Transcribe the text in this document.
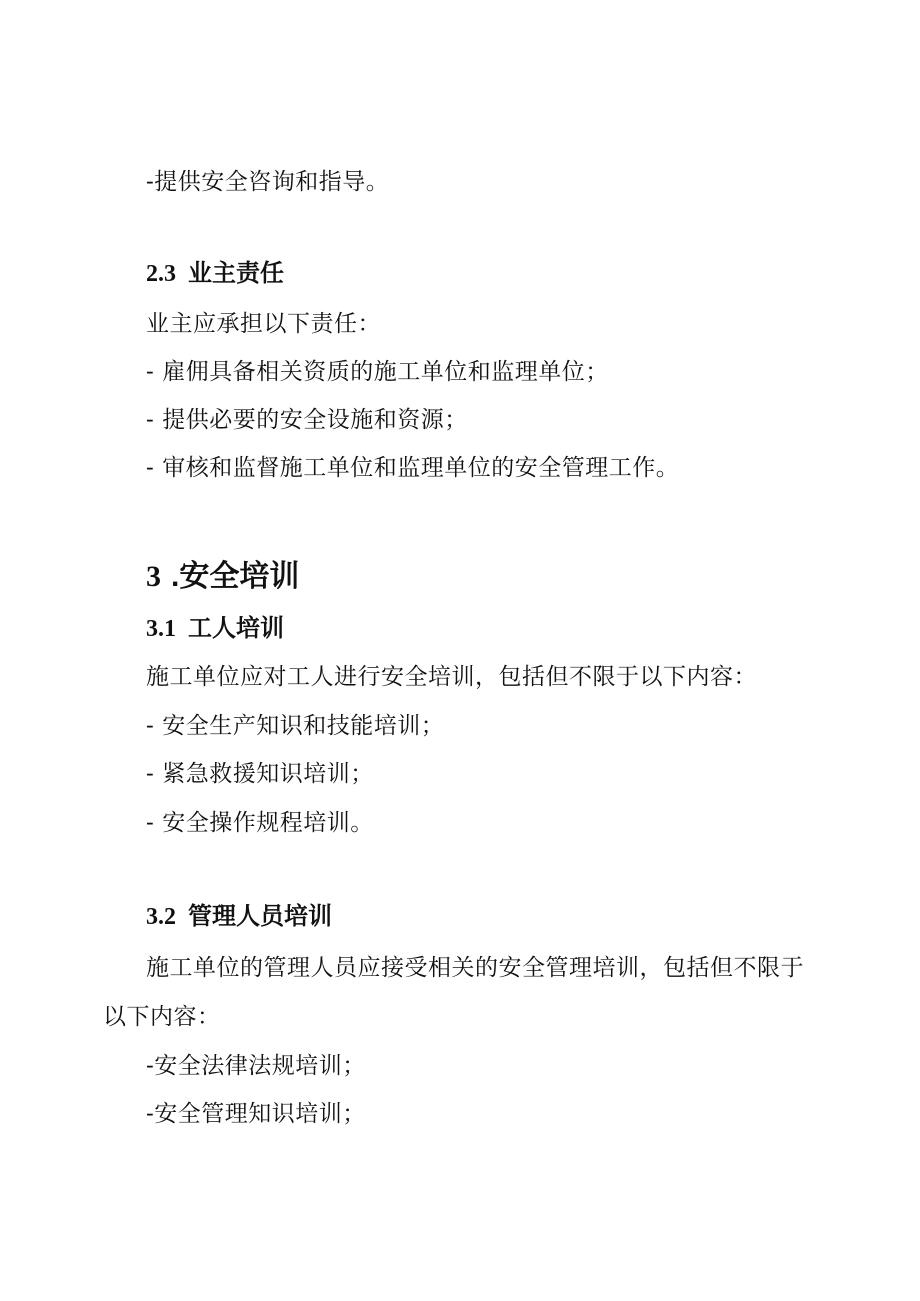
-提供安全咨询和指导。
2.3 业主责任
业主应承担以下责任：
- 雇佣具备相关资质的施工单位和监理单位；
- 提供必要的安全设施和资源；
- 审核和监督施工单位和监理单位的安全管理工作。
3 .安全培训
3.1 工人培训
施工单位应对工人进行安全培训，包括但不限于以下内容：
- 安全生产知识和技能培训；
- 紧急救援知识培训；
- 安全操作规程培训。
3.2 管理人员培训
施工单位的管理人员应接受相关的安全管理培训，包括但不限于
以下内容：
-安全法律法规培训；
-安全管理知识培训；
